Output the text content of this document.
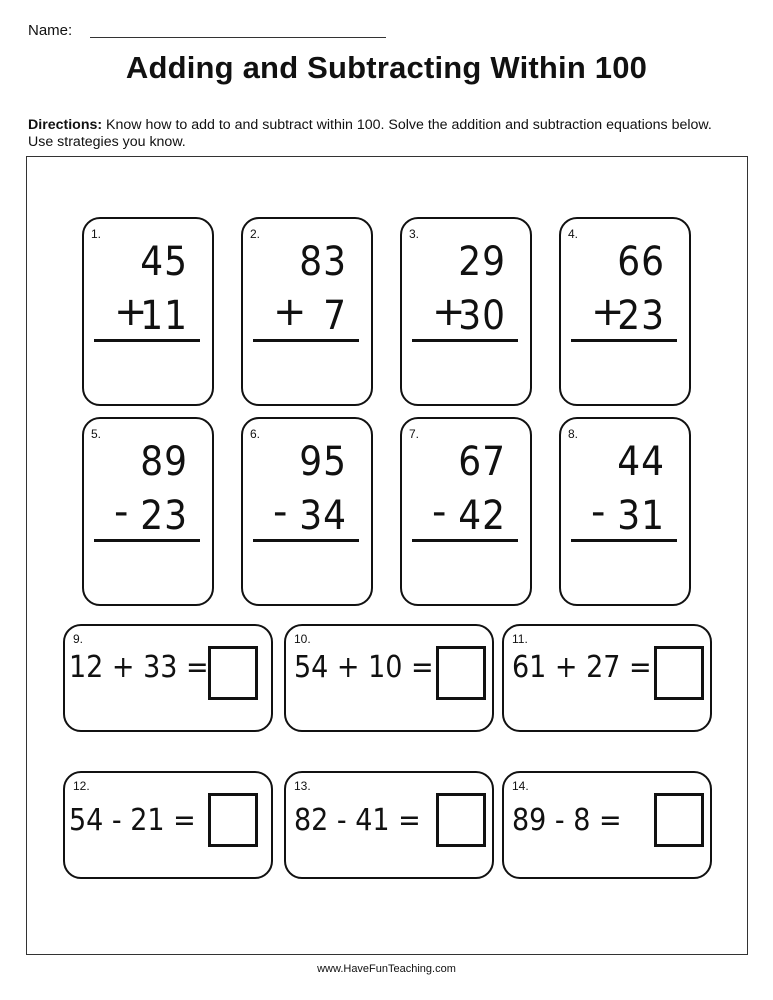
Name:
Adding and Subtracting Within 100
Directions: Know how to add to and subtract within 100. Solve the addition and subtraction equations below. Use strategies you know.
1.
45
+
11
2.
83
+ 7
3.
29
+
30
4.
66
+
23
5.
89
- 23
6.
95
- 34
7.
67
- 42
8.
44
- 31
9.
12 + 33 =
10.
54 + 10 =
11.
61 + 27 =
12.
54 - 21 =
13.
82 - 41 =
14.
89 - 8 =
www.HaveFunTeaching.com
